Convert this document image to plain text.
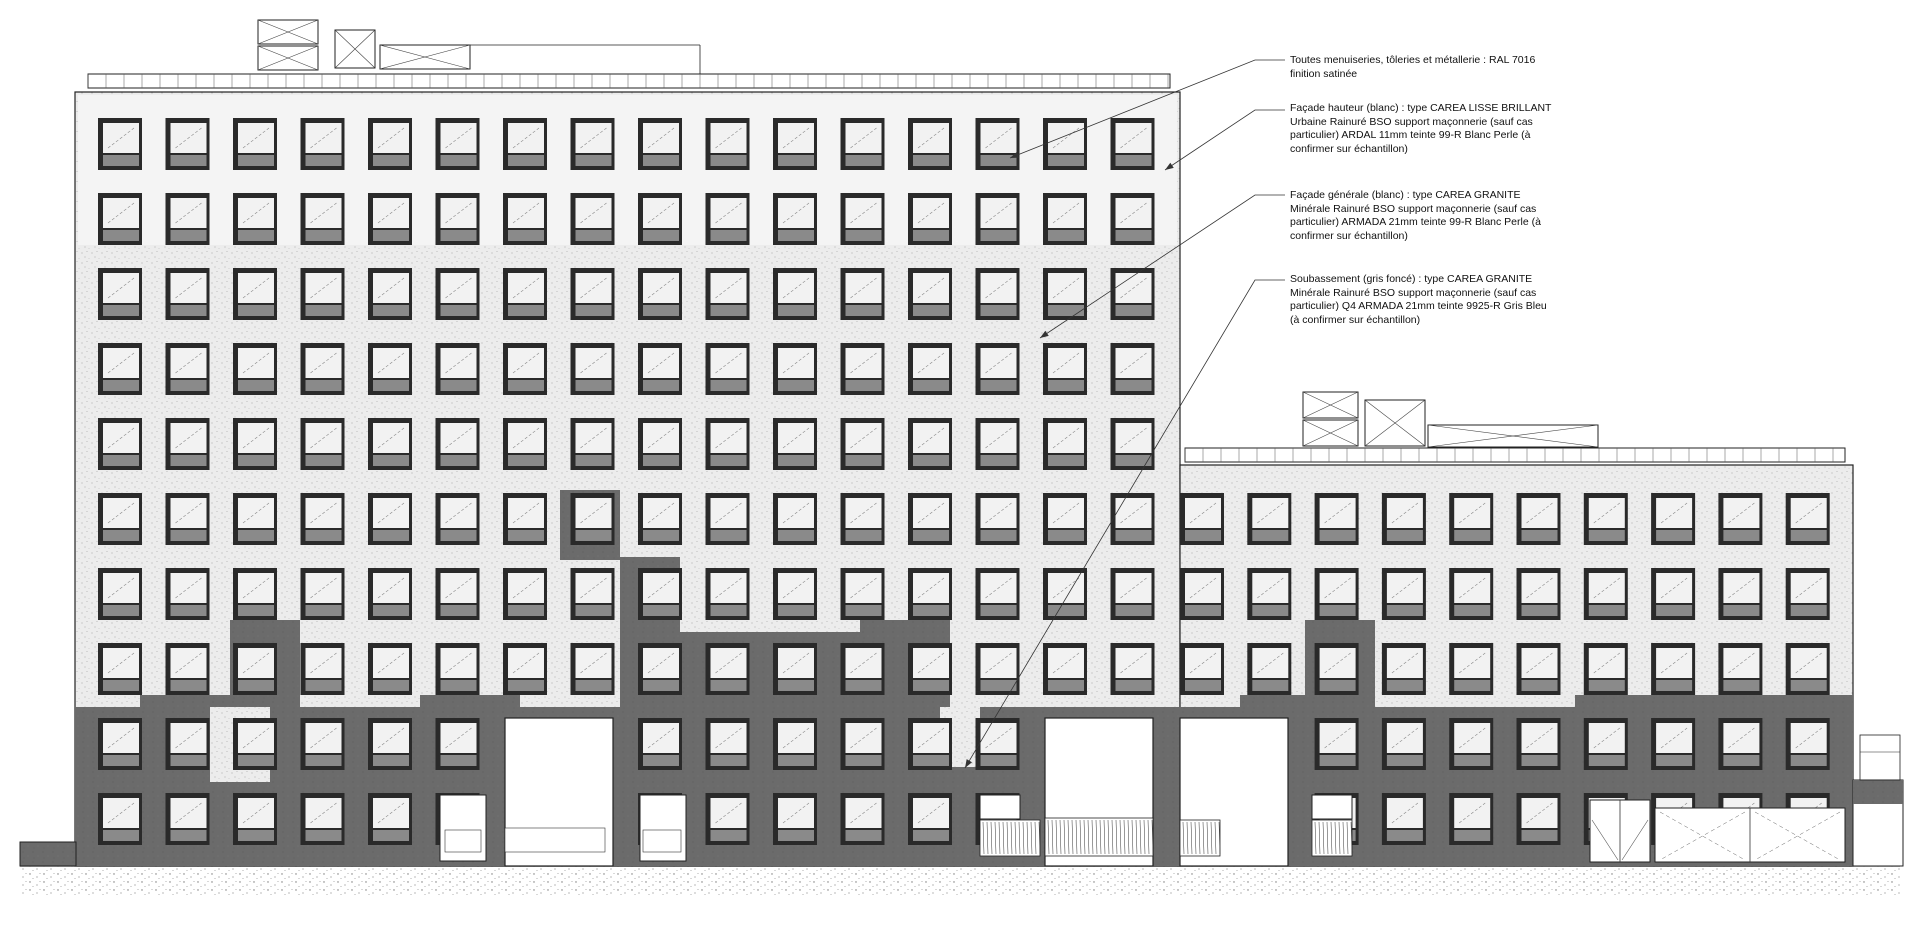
Toutes menuiseries, tôleries et métallerie : RAL 7016
finition satinée
Façade hauteur (blanc) : type CAREA LISSE BRILLANT
Urbaine Rainuré BSO support maçonnerie (sauf cas
particulier) ARDAL 11mm teinte 99-R Blanc Perle (à
confirmer sur échantillon)
Façade générale (blanc) : type CAREA GRANITE
Minérale Rainuré BSO support maçonnerie (sauf cas
particulier) ARMADA 21mm teinte 99-R Blanc Perle (à
confirmer sur échantillon)
Soubassement (gris foncé) : type CAREA GRANITE
Minérale Rainuré BSO support maçonnerie (sauf cas
particulier) Q4 ARMADA 21mm teinte 9925-R Gris Bleu
(à confirmer sur échantillon)
